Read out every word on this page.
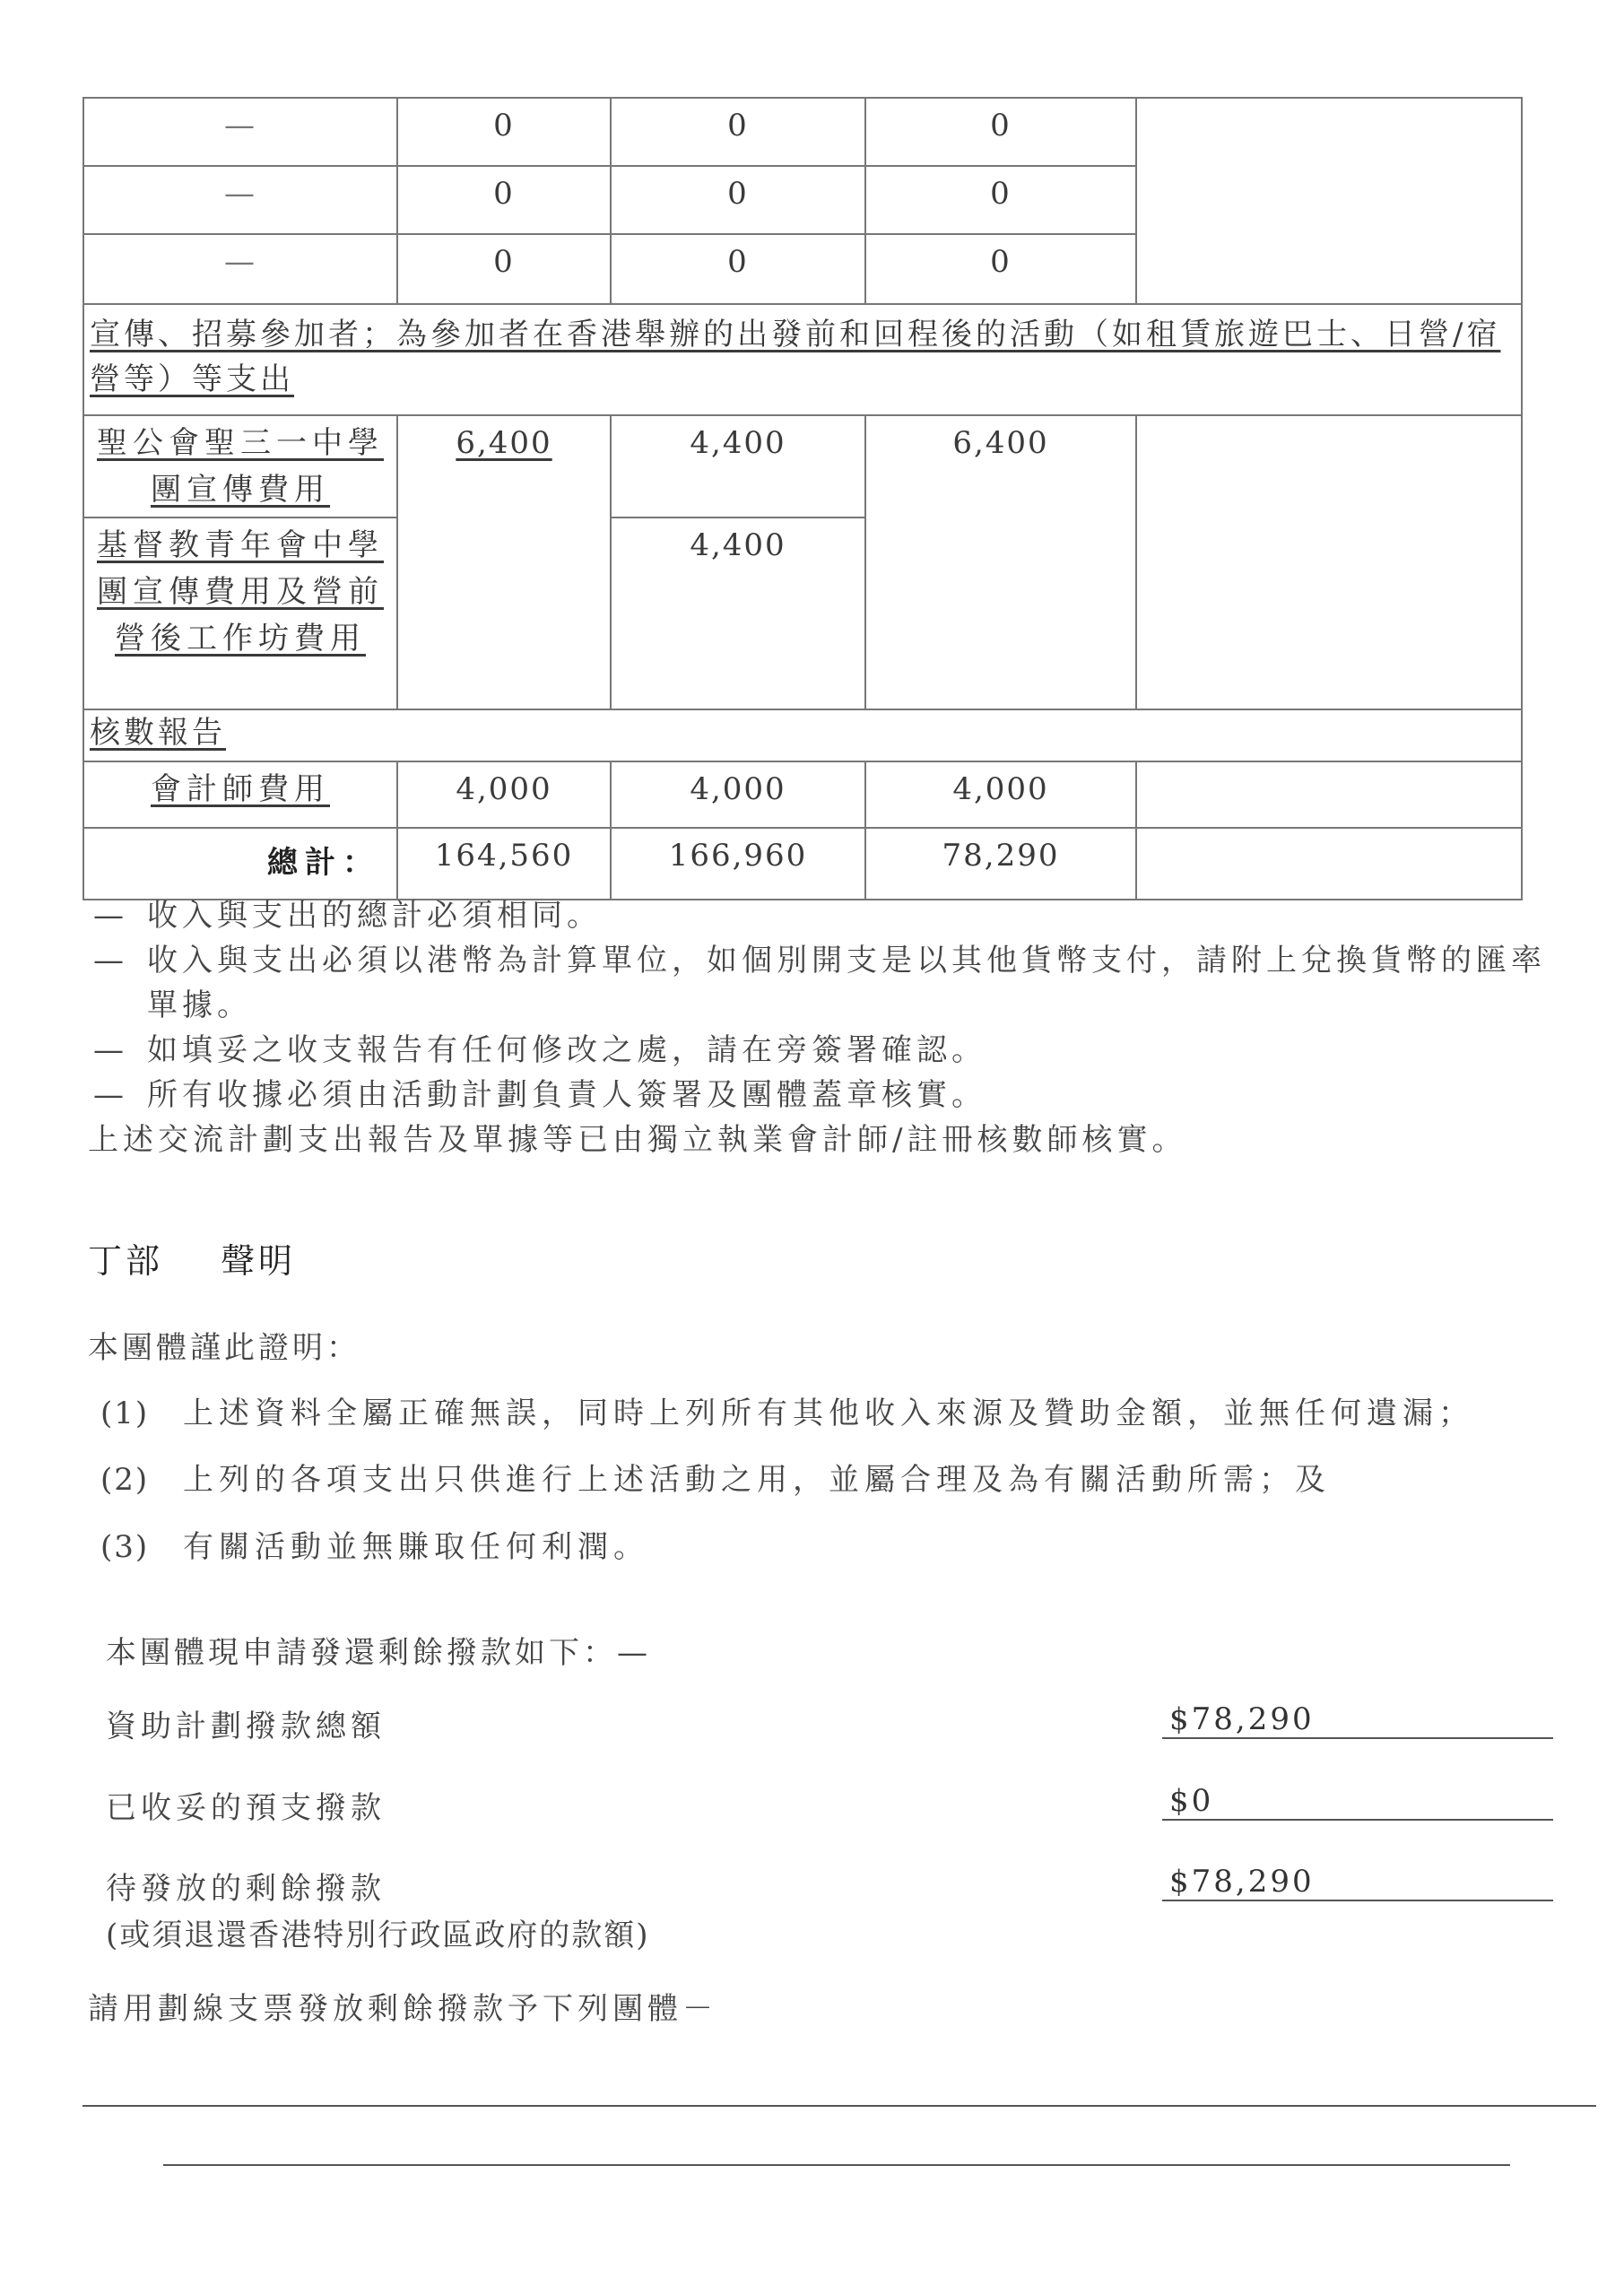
—	0	0	0	
—	0	0	0	
—	0	0	0	
宣傳、招募參加者；為參加者在香港舉辦的出發前和回程後的活動（如租賃旅遊巴士、日營/宿營等）等支出				
聖公會聖三一中學團宣傳費用	6,400	4,400	6,400	
基督教青年會中學團宣傳費用及營前營後工作坊費用		4,400		
核數報告				
會計師費用	4,000	4,000	4,000	
總計：	164,560	166,960	78,290	
— 收入與支出的總計必須相同。
— 收入與支出必須以港幣為計算單位，如個別開支是以其他貨幣支付，請附上兌換貨幣的匯率單據。
— 如填妥之收支報告有任何修改之處，請在旁簽署確認。
— 所有收據必須由活動計劃負責人簽署及團體蓋章核實。
上述交流計劃支出報告及單據等已由獨立執業會計師/註冊核數師核實。
丁部 聲明
本團體謹此證明：
(1) 上述資料全屬正確無誤，同時上列所有其他收入來源及贊助金額，並無任何遺漏；
(2) 上列的各項支出只供進行上述活動之用，並屬合理及為有關活動所需；及
(3) 有關活動並無賺取任何利潤。
本團體現申請發還剩餘撥款如下：—
資助計劃撥款總額	$78,290
已收妥的預支撥款	$0
待發放的剩餘撥款	$78,290
(或須退還香港特別行政區政府的款額)
請用劃線支票發放剩餘撥款予下列團體－
